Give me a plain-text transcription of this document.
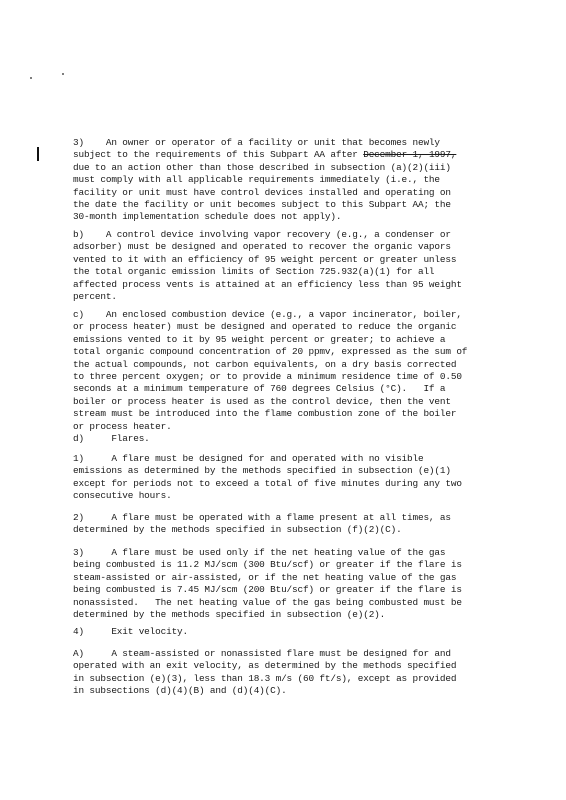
3)    An owner or operator of a facility or unit that becomes newly
subject to the requirements of this Subpart AA after December 1, 1997,
due to an action other than those described in subsection (a)(2)(iii)
must comply with all applicable requirements immediately (i.e., the
facility or unit must have control devices installed and operating on
the date the facility or unit becomes subject to this Subpart AA; the
30-month implementation schedule does not apply).
b)    A control device involving vapor recovery (e.g., a condenser or
adsorber) must be designed and operated to recover the organic vapors
vented to it with an efficiency of 95 weight percent or greater unless
the total organic emission limits of Section 725.932(a)(1) for all
affected process vents is attained at an efficiency less than 95 weight
percent.
c)    An enclosed combustion device (e.g., a vapor incinerator, boiler,
or process heater) must be designed and operated to reduce the organic
emissions vented to it by 95 weight percent or greater; to achieve a
total organic compound concentration of 20 ppmv, expressed as the sum of
the actual compounds, not carbon equivalents, on a dry basis corrected
to three percent oxygen; or to provide a minimum residence time of 0.50
seconds at a minimum temperature of 760 degrees Celsius (°C).   If a
boiler or process heater is used as the control device, then the vent
stream must be introduced into the flame combustion zone of the boiler
or process heater.
d)     Flares.
1)     A flare must be designed for and operated with no visible
emissions as determined by the methods specified in subsection (e)(1)
except for periods not to exceed a total of five minutes during any two
consecutive hours.
2)     A flare must be operated with a flame present at all times, as
determined by the methods specified in subsection (f)(2)(C).
3)     A flare must be used only if the net heating value of the gas
being combusted is 11.2 MJ/scm (300 Btu/scf) or greater if the flare is
steam-assisted or air-assisted, or if the net heating value of the gas
being combusted is 7.45 MJ/scm (200 Btu/scf) or greater if the flare is
nonassisted.   The net heating value of the gas being combusted must be
determined by the methods specified in subsection (e)(2).
4)     Exit velocity.
A)     A steam-assisted or nonassisted flare must be designed for and
operated with an exit velocity, as determined by the methods specified
in subsection (e)(3), less than 18.3 m/s (60 ft/s), except as provided
in subsections (d)(4)(B) and (d)(4)(C).
